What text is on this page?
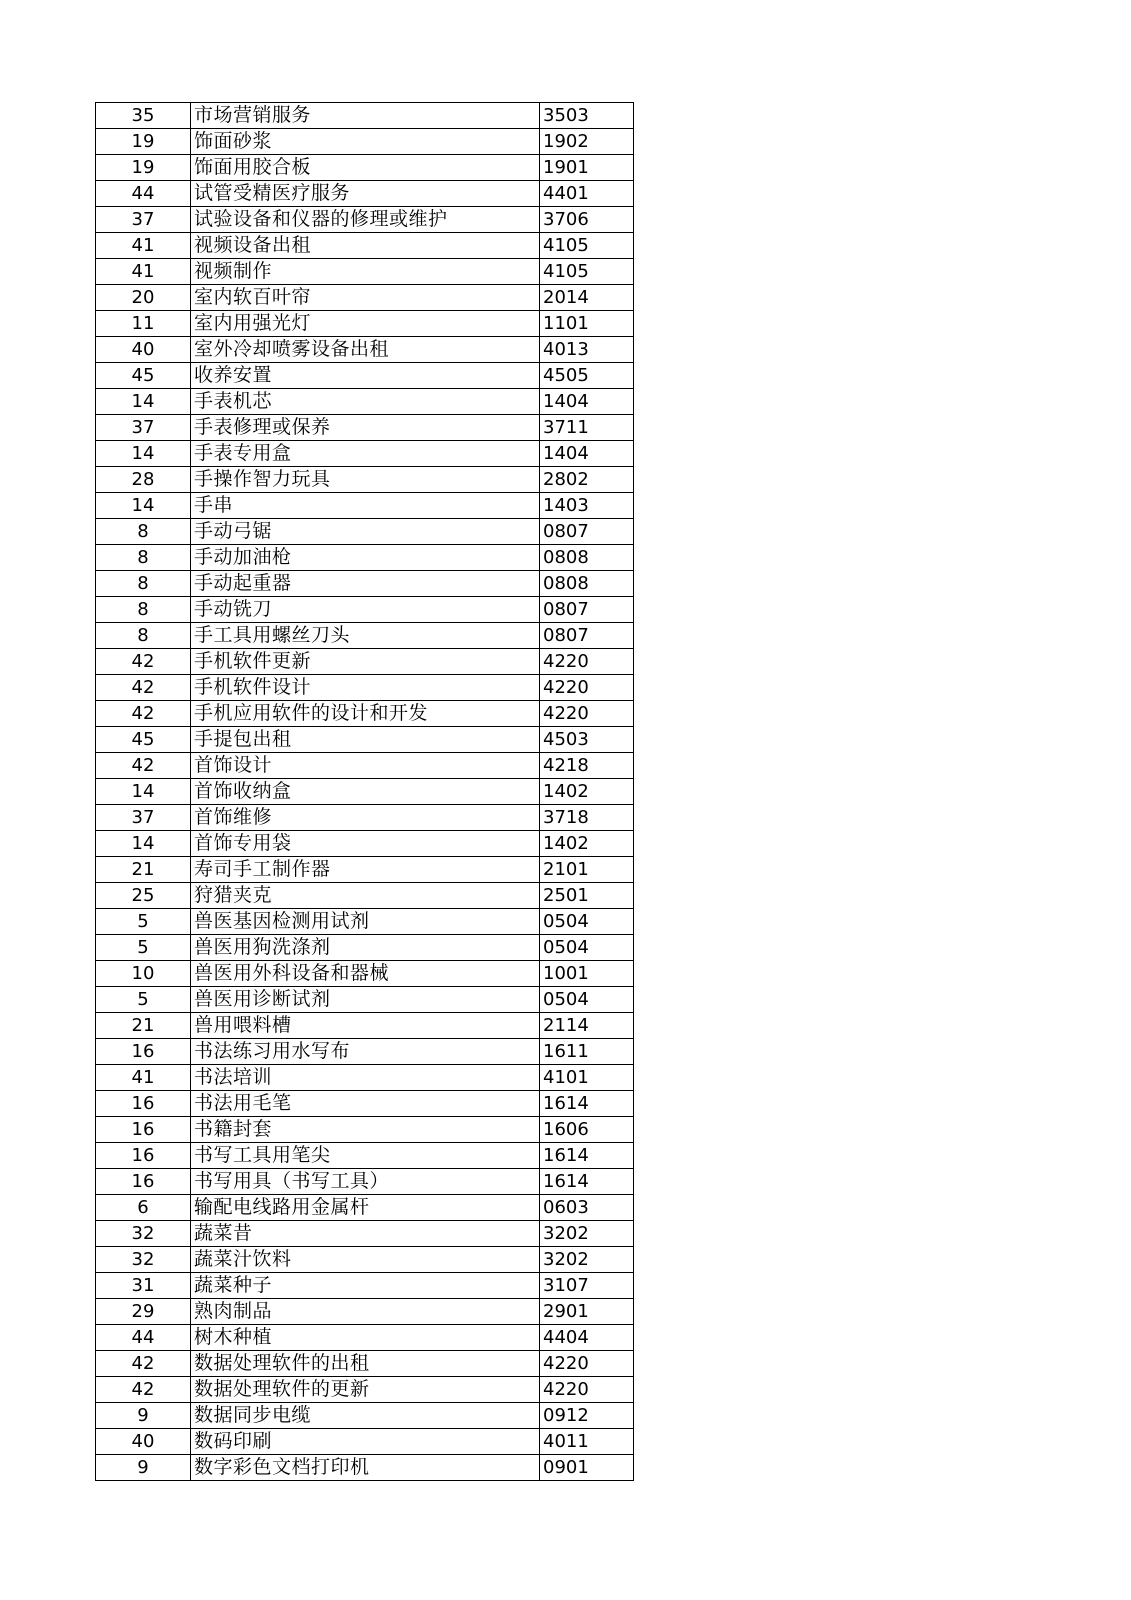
35	市场营销服务	3503
19	饰面砂浆	1902
19	饰面用胶合板	1901
44	试管受精医疗服务	4401
37	试验设备和仪器的修理或维护	3706
41	视频设备出租	4105
41	视频制作	4105
20	室内软百叶帘	2014
11	室内用强光灯	1101
40	室外冷却喷雾设备出租	4013
45	收养安置	4505
14	手表机芯	1404
37	手表修理或保养	3711
14	手表专用盒	1404
28	手操作智力玩具	2802
14	手串	1403
8	手动弓锯	0807
8	手动加油枪	0808
8	手动起重器	0808
8	手动铣刀	0807
8	手工具用螺丝刀头	0807
42	手机软件更新	4220
42	手机软件设计	4220
42	手机应用软件的设计和开发	4220
45	手提包出租	4503
42	首饰设计	4218
14	首饰收纳盒	1402
37	首饰维修	3718
14	首饰专用袋	1402
21	寿司手工制作器	2101
25	狩猎夹克	2501
5	兽医基因检测用试剂	0504
5	兽医用狗洗涤剂	0504
10	兽医用外科设备和器械	1001
5	兽医用诊断试剂	0504
21	兽用喂料槽	2114
16	书法练习用水写布	1611
41	书法培训	4101
16	书法用毛笔	1614
16	书籍封套	1606
16	书写工具用笔尖	1614
16	书写用具（书写工具）	1614
6	输配电线路用金属杆	0603
32	蔬菜昔	3202
32	蔬菜汁饮料	3202
31	蔬菜种子	3107
29	熟肉制品	2901
44	树木种植	4404
42	数据处理软件的出租	4220
42	数据处理软件的更新	4220
9	数据同步电缆	0912
40	数码印刷	4011
9	数字彩色文档打印机	0901
